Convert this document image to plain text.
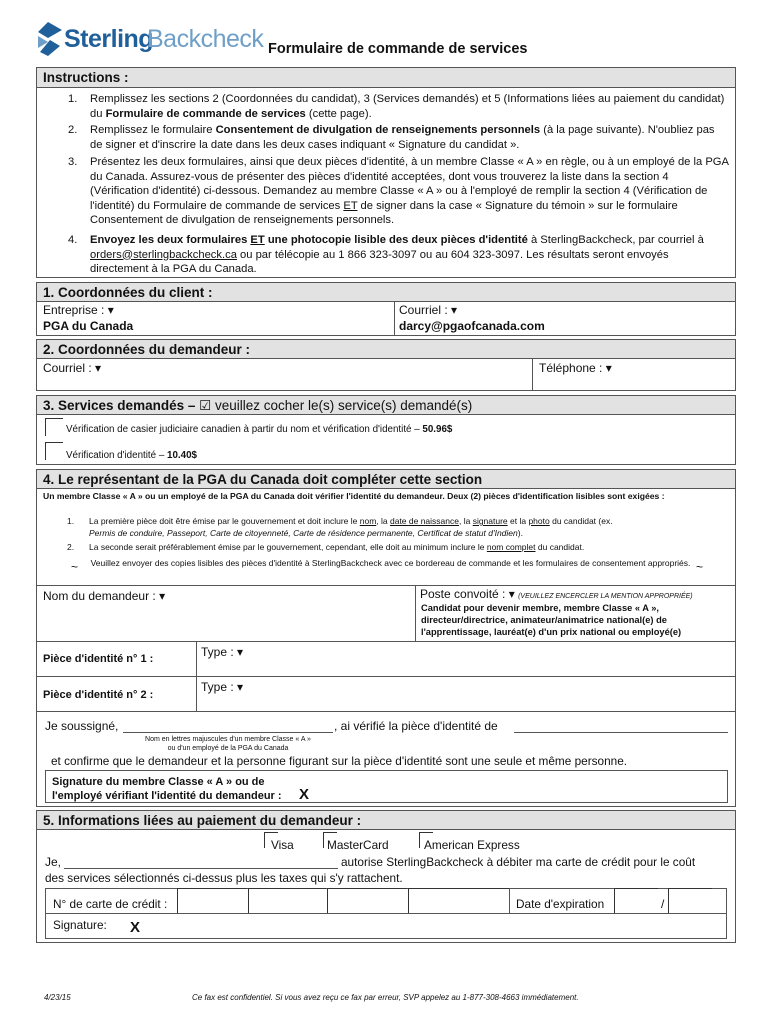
Sterling
Backcheck Formulaire de commande de services
Instructions :
1. Remplissez les sections 2 (Coordonnées du candidat), 3 (Services demandés) et 5 (Informations liées au paiement du candidat) du Formulaire de commande de services (cette page).
2. Remplissez le formulaire Consentement de divulgation de renseignements personnels (à la page suivante). N'oubliez pas de signer et d'inscrire la date dans les deux cases indiquant « Signature du candidat ».
3. Présentez les deux formulaires, ainsi que deux pièces d'identité, à un membre Classe « A » en règle, ou à un employé de la PGA du Canada. Assurez-vous de présenter des pièces d'identité acceptées, dont vous trouverez la liste dans la section 4 (Vérification d'identité) ci-dessous. Demandez au membre Classe « A » ou à l'employé de remplir la section 4 (Vérification de l'identité) du Formulaire de commande de services ET de signer dans la case « Signature du témoin » sur le formulaire Consentement de divulgation de renseignements personnels.
4. Envoyez les deux formulaires ET une photocopie lisible des deux pièces d'identité à SterlingBackcheck, par courriel à orders@sterlingbackcheck.ca ou par télécopie au 1 866 323-3097 ou au 604 323-3097. Les résultats seront envoyés directement à la PGA du Canada.
1. Coordonnées du client :
Entreprise : ▾
PGA du Canada
Courriel : ▾
darcy@pgaofcanada.com
2. Coordonnées du demandeur :
Courriel : ▾	Téléphone : ▾
3. Services demandés – ☑ veuillez cocher le(s) service(s) demandé(s)
Vérification de casier judiciaire canadien à partir du nom et vérification d'identité – 50.96$
Vérification d'identité – 10.40$
4. Le représentant de la PGA du Canada doit compléter cette section
Un membre Classe « A » ou un employé de la PGA du Canada doit vérifier l'identité du demandeur. Deux (2) pièces d'identification lisibles sont exigées :
1. La première pièce doit être émise par le gouvernement et doit inclure le nom, la date de naissance, la signature et la photo du candidat (ex.
Permis de conduire, Passeport, Carte de citoyenneté, Carte de résidence permanente, Certificat de statut d'Indien).
2. La seconde serait préférablement émise par le gouvernement, cependant, elle doit au minimum inclure le nom complet du candidat.
~	Veuillez envoyer des copies lisibles des pièces d'identité à SterlingBackcheck avec ce bordereau de commande et les formulaires de consentement appropriés. ~
Nom du demandeur : ▾	Poste convoité : ▾ (VEUILLEZ ENCERCLER LA MENTION APPROPRIÉE)
Candidat pour devenir membre, membre Classe « A », directeur/directrice, animateur/animatrice national(e) de l'apprentissage, lauréat(e) d'un prix national ou employé(e)
Pièce d'identité n° 1 :	Type : ▾
Pièce d'identité n° 2 :
Type : ▾
Je soussigné,	, ai vérifié la pièce d'identité de
Nom en lettres majuscules d'un membre Classe « A »
ou d'un employé de la PGA du Canada
et confirme que le demandeur et la personne figurant sur la pièce d'identité sont une seule et même personne.
Signature du membre Classe « A » ou de
l'employé vérifiant l'identité du demandeur : X
5. Informations liées au paiement du demandeur :
Visa	MasterCard	American Express
Je,	autorise SterlingBackcheck à débiter ma carte de crédit pour le coût
des services sélectionnés ci-dessus plus les taxes qui s'y rattachent.
N° de carte de crédit :	Date d'expiration	/
Signature: X
4/23/15	Ce fax est confidentiel. Si vous avez reçu ce fax par erreur, SVP appelez au 1-877-308-4663 immédiatement.
